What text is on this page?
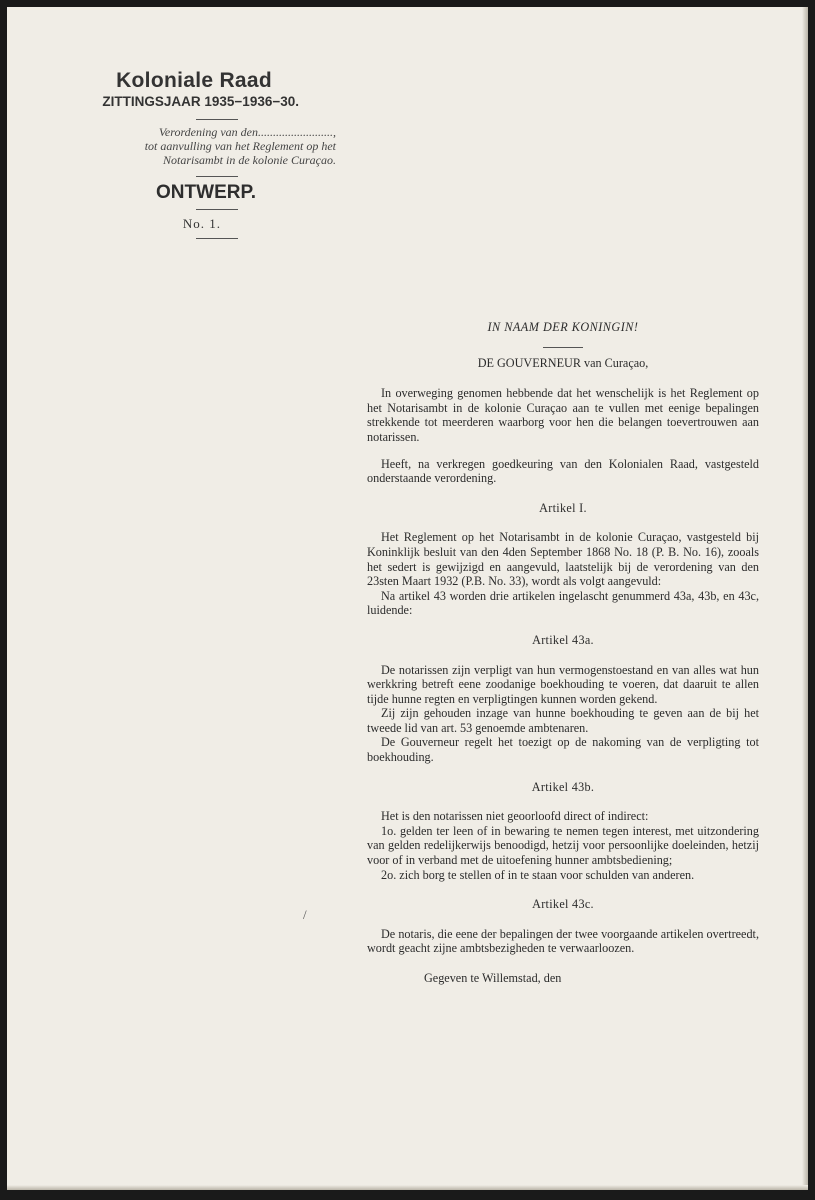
Koloniale Raad
ZITTINGSJAAR 1935−1936−30.
Verordening van den.........................,
tot aanvulling van het Reglement op het
Notarisambt in de kolonie Curaçao.
ONTWERP.
No. 1.
IN NAAM DER KONINGIN!
DE GOUVERNEUR van Curaçao,
In overweging genomen hebbende dat het wenschelijk is het Reglement op het Notarisambt in de kolonie Curaçao aan te vullen met eenige bepalingen strekkende tot meerderen waarborg voor hen die belangen toevertrouwen aan notarissen.
Heeft, na verkregen goedkeuring van den Kolonialen Raad, vastgesteld onderstaande verordening.
Artikel I.
Het Reglement op het Notarisambt in de kolonie Curaçao, vastgesteld bij Koninklijk besluit van den 4den September 1868 No. 18 (P. B. No. 16), zooals het sedert is gewijzigd en aangevuld, laatstelijk bij de verordening van den 23sten Maart 1932 (P.B. No. 33), wordt als volgt aangevuld:
Na artikel 43 worden drie artikelen ingelascht genummerd 43a, 43b, en 43c, luidende:
Artikel 43a.
De notarissen zijn verpligt van hun vermogenstoestand en van alles wat hun werkkring betreft eene zoodanige boekhouding te voeren, dat daaruit te allen tijde hunne regten en verpligtingen kunnen worden gekend.
Zij zijn gehouden inzage van hunne boekhouding te geven aan de bij het tweede lid van art. 53 genoemde ambtenaren.
De Gouverneur regelt het toezigt op de nakoming van de verpligting tot boekhouding.
Artikel 43b.
Het is den notarissen niet geoorloofd direct of indirect:
1o. gelden ter leen of in bewaring te nemen tegen interest, met uitzondering van gelden redelijkerwijs benoodigd, hetzij voor persoonlijke doeleinden, hetzij voor of in verband met de uitoefening hunner ambtsbediening;
2o. zich borg te stellen of in te staan voor schulden van anderen.
Artikel 43c.
De notaris, die eene der bepalingen der twee voorgaande artikelen overtreedt, wordt geacht zijne ambtsbezigheden te verwaarloozen.
Gegeven te Willemstad, den
/
